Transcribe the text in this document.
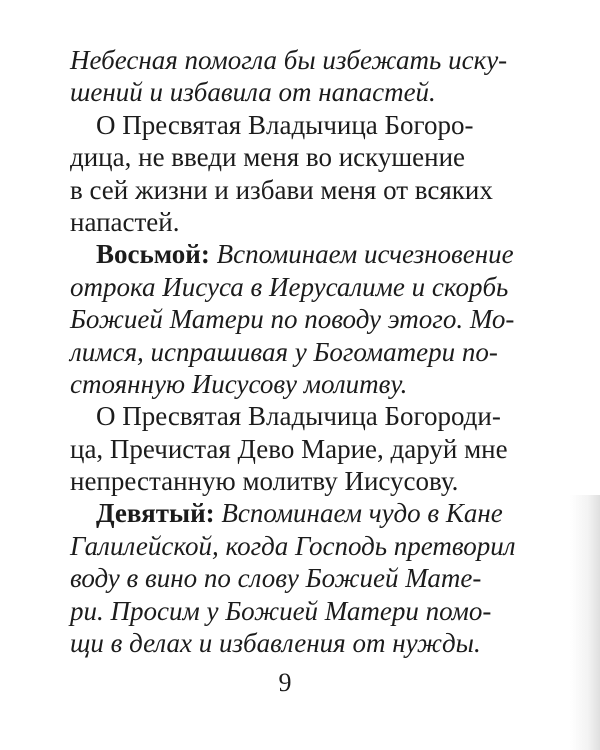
Небесная помогла бы избежать иску-
шений и избавила от напастей.
О Пресвятая Владычица Богоро-
дица, не введи меня во искушение
в сей жизни и избави меня от всяких
напастей.
Восьмой: Вспоминаем исчезновение
отрока Иисуса в Иерусалиме и скорбь
Божией Матери по поводу этого. Мо-
лимся, испрашивая у Богоматери по-
стоянную Иисусову молитву.
О Пресвятая Владычица Богороди-
ца, Пречистая Дево Марие, даруй мне
непрестанную молитву Иисусову.
Девятый: Вспоминаем чудо в Кане
Галилейской, когда Господь претворил
воду в вино по слову Божией Мате-
ри. Просим у Божией Матери помо-
щи в делах и избавления от нужды.
9
